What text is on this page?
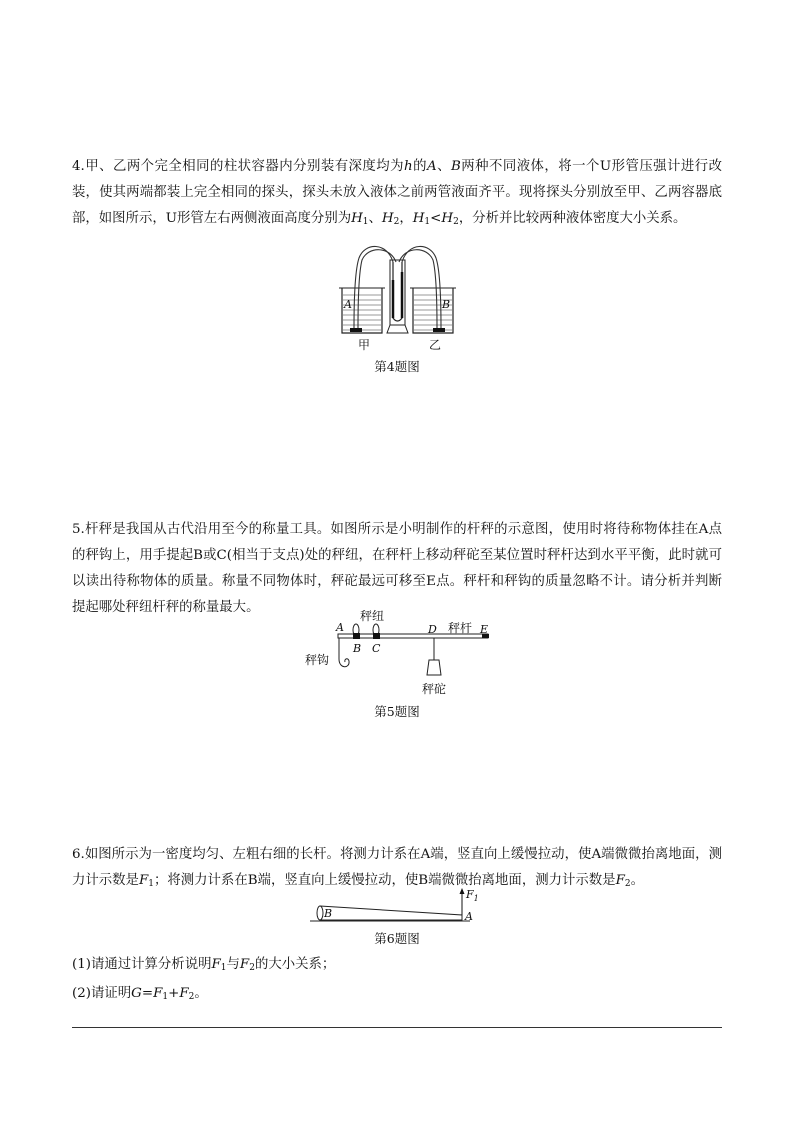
4.甲、乙两个完全相同的柱状容器内分别装有深度均为h的A、B两种不同液体，将一个U形管压强计进行改装，使其两端都装上完全相同的探头，探头未放入液体之前两管液面齐平。现将探头分别放至甲、乙两容器底部，如图所示，U形管左右两侧液面高度分别为$H_1$、$H_2$，$H_1<H_2$，分析并比较两种液体密度大小关系。

A	B
甲	乙
第4题图

5.杆秤是我国从古代沿用至今的称量工具。如图所示是小明制作的杆秤的示意图，使用时将待称物体挂在A点的秤钩上，用手提起B或C(相当于支点)处的秤纽，在秤杆上移动秤砣至某位置时秤杆达到水平平衡，此时就可以读出待称物体的质量。称量不同物体时，秤砣最远可移至E点。秤杆和秤钩的质量忽略不计。请分析并判断提起哪处秤纽杆秤的称量最大。

A
B C
D	E
秤纽
秤杆
秤钩
秤砣
第5题图

6.如图所示为一密度均匀、左粗右细的长杆。将测力计系在A端，竖直向上缓慢拉动，使A端微微抬离地面，测力计示数是$F_1$；将测力计系在B端，竖直向上缓慢拉动，使B端微微抬离地面，测力计示数是$F_2$。

$F_1$
A
B
第6题图

(1)请通过计算分析说明$F_1$与$F_2$的大小关系；

(2)请证明$G=F_1+F_2$。
